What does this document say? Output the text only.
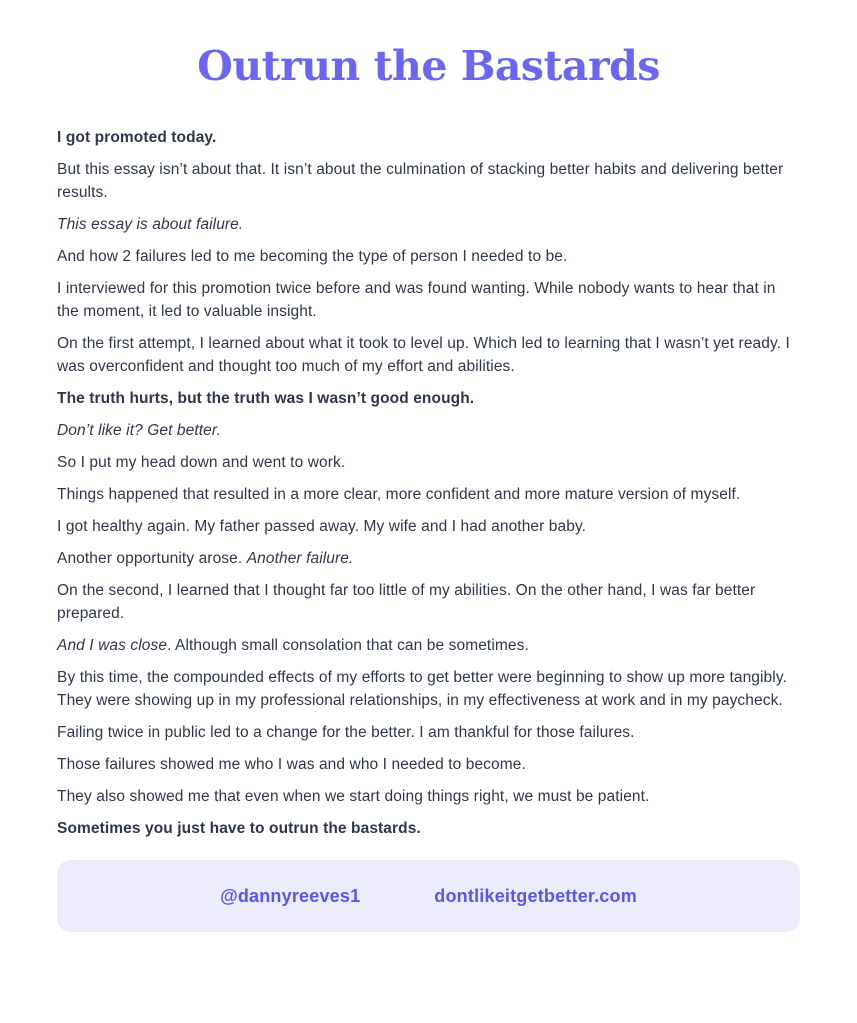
Outrun the Bastards

I got promoted today.

But this essay isn’t about that. It isn’t about the culmination of stacking better habits and delivering better results.

This essay is about failure.

And how 2 failures led to me becoming the type of person I needed to be.

I interviewed for this promotion twice before and was found wanting. While nobody wants to hear that in the moment, it led to valuable insight.

On the first attempt, I learned about what it took to level up. Which led to learning that I wasn’t yet ready. I was overconfident and thought too much of my effort and abilities.

The truth hurts, but the truth was I wasn’t good enough.

Don’t like it? Get better.

So I put my head down and went to work.

Things happened that resulted in a more clear, more confident and more mature version of myself.

I got healthy again. My father passed away. My wife and I had another baby.

Another opportunity arose. Another failure.

On the second, I learned that I thought far too little of my abilities. On the other hand, I was far better prepared.

And I was close. Although small consolation that can be sometimes.

By this time, the compounded effects of my efforts to get better were beginning to show up more tangibly. They were showing up in my professional relationships, in my effectiveness at work and in my paycheck.

Failing twice in public led to a change for the better. I am thankful for those failures.

Those failures showed me who I was and who I needed to become.

They also showed me that even when we start doing things right, we must be patient.

Sometimes you just have to outrun the bastards.

@dannyreeves1	dontlikeitgetbetter.com
